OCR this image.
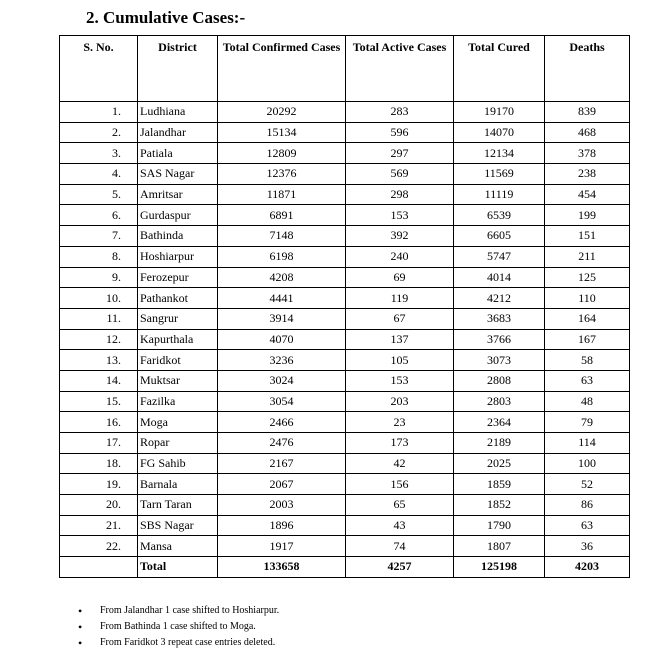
2. Cumulative Cases:-
S. No.	District	Total Confirmed Cases	Total Active Cases	Total Cured	Deaths
1.	Ludhiana	20292	283	19170	839
2.	Jalandhar	15134	596	14070	468
3.	Patiala	12809	297	12134	378
4.	SAS Nagar	12376	569	11569	238
5.	Amritsar	11871	298	11119	454
6.	Gurdaspur	6891	153	6539	199
7.	Bathinda	7148	392	6605	151
8.	Hoshiarpur	6198	240	5747	211
9.	Ferozepur	4208	69	4014	125
10.	Pathankot	4441	119	4212	110
11.	Sangrur	3914	67	3683	164
12.	Kapurthala	4070	137	3766	167
13.	Faridkot	3236	105	3073	58
14.	Muktsar	3024	153	2808	63
15.	Fazilka	3054	203	2803	48
16.	Moga	2466	23	2364	79
17.	Ropar	2476	173	2189	114
18.	FG Sahib	2167	42	2025	100
19.	Barnala	2067	156	1859	52
20.	Tarn Taran	2003	65	1852	86
21.	SBS Nagar	1896	43	1790	63
22.	Mansa	1917	74	1807	36
	Total	133658	4257	125198	4203
• From Jalandhar 1 case shifted to Hoshiarpur.
• From Bathinda 1 case shifted to Moga.
• From Faridkot 3 repeat case entries deleted.
